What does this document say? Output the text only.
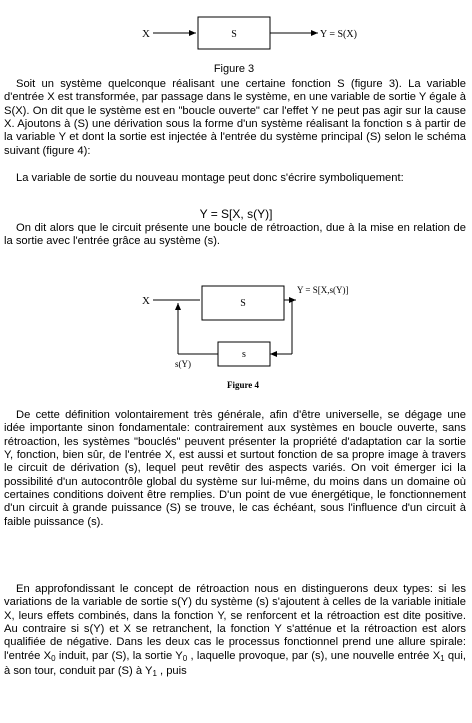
X	S	Y = S(X)
Figure 3

Soit un système quelconque réalisant une certaine fonction S (figure 3). La variable d'entrée X est transformée, par passage dans le système, en une variable de sortie Y égale à S(X). On dit que le système est en "boucle ouverte" car l'effet Y ne peut pas agir sur la cause X. Ajoutons à (S) une dérivation sous la forme d'un système réalisant la fonction s à partir de la variable Y et dont la sortie est injectée à l'entrée du système principal (S) selon le schéma suivant (figure 4):

La variable de sortie du nouveau montage peut donc s'écrire symboliquement:

Y = S[X, s(Y)]

On dit alors que le circuit présente une boucle de rétroaction, due à la mise en relation de la sortie avec l'entrée grâce au système (s).

X	S
Y = S[X,s(Y)]
s
s(Y)
Figure 4

De cette définition volontairement très générale, afin d'être universelle, se dégage une idée importante sinon fondamentale: contrairement aux systèmes en boucle ouverte, sans rétroaction, les systèmes "bouclés" peuvent présenter la propriété d'adaptation car la sortie Y, fonction, bien sûr, de l'entrée X, est aussi et surtout fonction de sa propre image à travers le circuit de dérivation (s), lequel peut revêtir des aspects variés. On voit émerger ici la possibilité d'un autocontrôle global du système sur lui-même, du moins dans un domaine où certaines conditions doivent être remplies. D'un point de vue énergétique, le fonctionnement d'un circuit à grande puissance (S) se trouve, le cas échéant, sous l'influence d'un circuit à faible puissance (s).

En approfondissant le concept de rétroaction nous en distinguerons deux types: si les variations de la variable de sortie s(Y) du système (s) s'ajoutent à celles de la variable initiale X, leurs effets combinés, dans la fonction Y, se renforcent et la rétroaction est dite positive. Au contraire si s(Y) et X se retranchent, la fonction Y s'atténue et la rétroaction est alors qualifiée de négative. Dans les deux cas le processus fonctionnel prend une allure spirale: l'entrée $X_0$ induit, par (S), la sortie $Y_0$ , laquelle provoque, par (s), une nouvelle entrée $X_1$ qui, à son tour, conduit par (S) à $Y_1$ , puis
